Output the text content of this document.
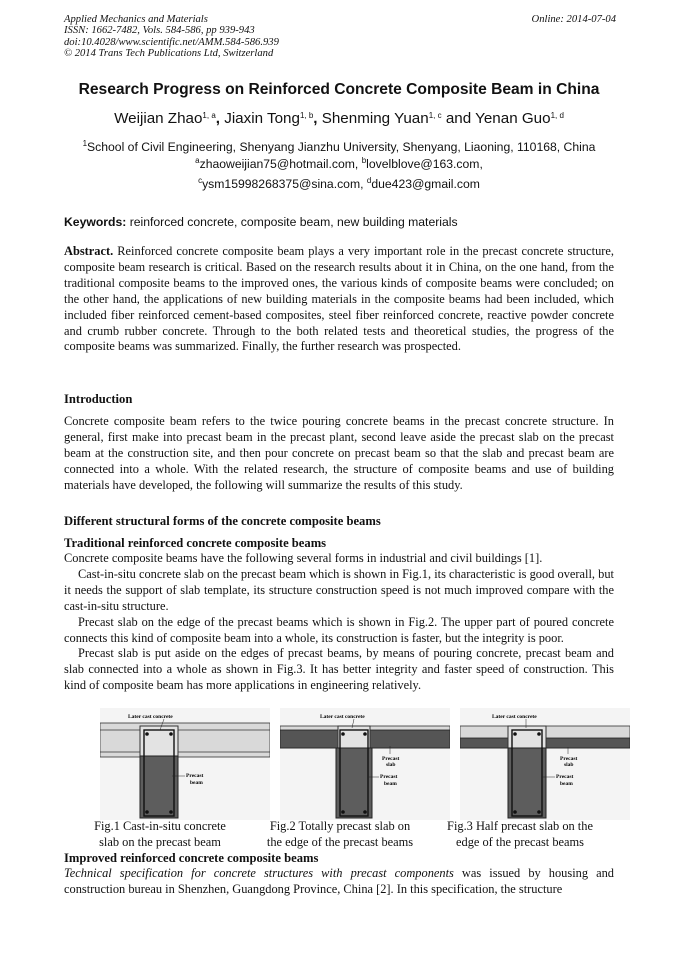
Applied Mechanics and Materials
ISSN: 1662-7482, Vols. 584-586, pp 939-943
doi:10.4028/www.scientific.net/AMM.584-586.939
© 2014 Trans Tech Publications Ltd, Switzerland
Online: 2014-07-04
Research Progress on Reinforced Concrete Composite Beam in China
Weijian Zhao$^{1, a}$, Jiaxin Tong$^{1, b}$, Shenming Yuan$^{1, c}$ and Yenan Guo$^{1, d}$
$^1$School of Civil Engineering, Shenyang Jianzhu University, Shenyang, Liaoning, 110168, China
$^a$zhaoweijian75@hotmail.com, $^b$lovelblove@163.com,
$^c$ysm15998268375@sina.com, $^d$due423@gmail.com
Keywords: reinforced concrete, composite beam, new building materials

Abstract. Reinforced concrete composite beam plays a very important role in the precast concrete structure, composite beam research is critical. Based on the research results about it in China, on the one hand, from the traditional composite beams to the improved ones, the various kinds of composite beams were concluded; on the other hand, the applications of new building materials in the composite beams had been included, which included fiber reinforced cement-based composites, steel fiber reinforced concrete, reactive powder concrete and crumb rubber concrete. Through to the both related tests and theoretical studies, the progress of the composite beams was summarized. Finally, the further research was prospected.

Introduction

Concrete composite beam refers to the twice pouring concrete beams in the precast concrete structure. In general, first make into precast beam in the precast plant, second leave aside the precast slab on the precast beam at the construction site, and then pour concrete on precast beam so that the slab and precast beam are connected into a whole. With the related research, the structure of composite beams and use of building materials have developed, the following will summarize the results of this study.

Different structural forms of the concrete composite beams
Traditional reinforced concrete composite beams

Concrete composite beams have the following several forms in industrial and civil buildings [1].

Cast-in-situ concrete slab on the precast beam which is shown in Fig.1, its characteristic is good overall, but it needs the support of slab template, its structure construction speed is not much improved compare with the cast-in-situ structure.

Precast slab on the edge of the precast beams which is shown in Fig.2. The upper part of poured concrete connects this kind of composite beam into a whole, its construction is faster, but the integrity is poor.

Precast slab is put aside on the edges of precast beams, by means of pouring concrete, precast beam and slab connected into a whole as shown in Fig.3. It has better integrity and faster speed of construction. This kind of composite beam has more applications in engineering relatively.

Later cast concrete
Precast
beam
Later cast concrete
Precast
slab
Precast
beam
Later cast concrete
Precast
slab
Precast
beam
Fig.1 Cast-in-situ concrete
slab on the precast beam
Fig.2 Totally precast slab on
the edge of the precast beams
Fig.3 Half precast slab on the
edge of the precast beams
Improved reinforced concrete composite beams

Technical specification for concrete structures with precast components was issued by housing and construction bureau in Shenzhen, Guangdong Province, China [2]. In this specification, the structure
